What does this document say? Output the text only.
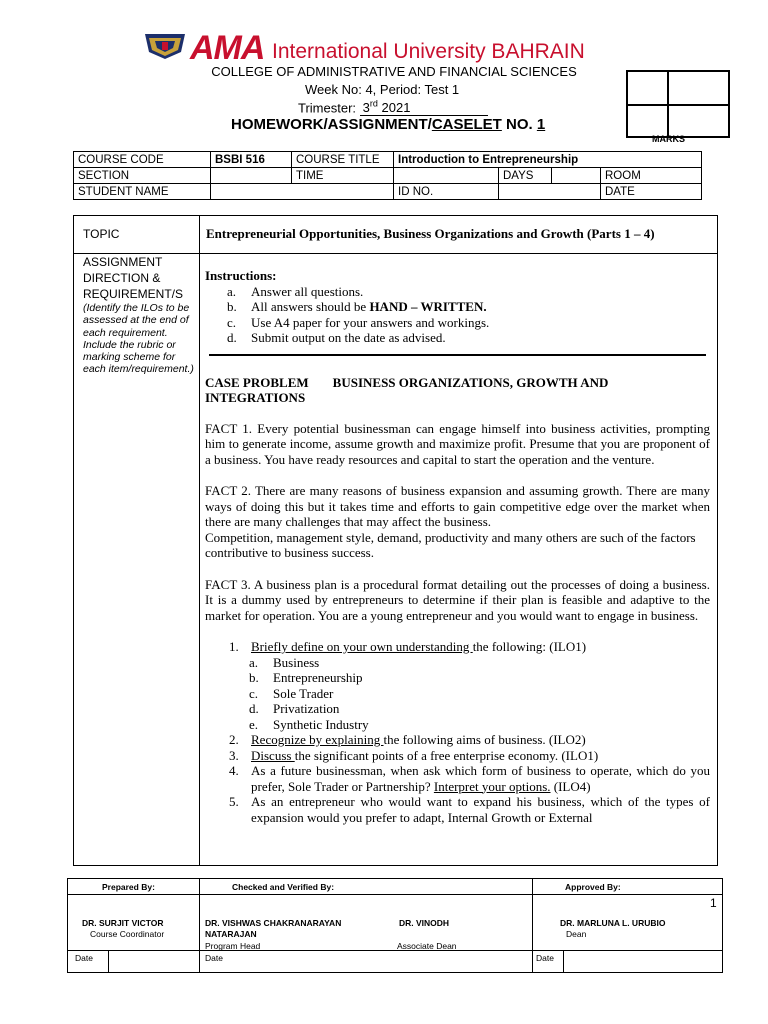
AMA International University BAHRAIN
COLLEGE OF ADMINISTRATIVE AND FINANCIAL SCIENCES
Week No: 4, Period: Test 1
Trimester: 3rd 2021
HOMEWORK/ASSIGNMENT/CASELET NO. 1
MARKS
COURSE CODE	BSBI 516	COURSE TITLE	Introduction to Entrepreneurship			
SECTION		TIME		DAYS		ROOM
STUDENT NAME			ID NO.			DATE
TOPIC	Entrepreneurial Opportunities, Business Organizations and Growth (Parts 1 – 4)
ASSIGNMENT DIRECTION & REQUIREMENT/S
(Identify the ILOs to be assessed at the end of each requirement. Include the rubric or marking scheme for each item/requirement.)
Instructions:
a. Answer all questions.
b. All answers should be HAND – WRITTEN.
c. Use A4 paper for your answers and workings.
d. Submit output on the date as advised.
CASE PROBLEM BUSINESS ORGANIZATIONS, GROWTH AND INTEGRATIONS
FACT 1. Every potential businessman can engage himself into business activities, prompting him to generate income, assume growth and maximize profit. Presume that you are proponent of a business. You have ready resources and capital to start the operation and the venture.
FACT 2. There are many reasons of business expansion and assuming growth. There are many ways of doing this but it takes time and efforts to gain competitive edge over the market when there are many challenges that may affect the business.
Competition, management style, demand, productivity and many others are such of the factors contributive to business success.
FACT 3. A business plan is a procedural format detailing out the processes of doing a business. It is a dummy used by entrepreneurs to determine if their plan is feasible and adaptive to the market for operation. You are a young entrepreneur and you would want to engage in business.
1. Briefly define on your own understanding the following: (ILO1)
a. Business
b. Entrepreneurship
c. Sole Trader
d. Privatization
e. Synthetic Industry
2. Recognize by explaining the following aims of business. (ILO2)
3. Discuss the significant points of a free enterprise economy. (ILO1)
4. As a future businessman, when ask which form of business to operate, which do you prefer, Sole Trader or Partnership? Interpret your options. (ILO4)
5. As an entrepreneur who would want to expand his business, which of the types of expansion would you prefer to adapt, Internal Growth or External
Prepared By:	Checked and Verified By:	Approved By:
DR. SURJIT VICTOR
Course Coordinator
DR. VISHWAS CHAKRANARAYAN
NATARAJAN
Program Head
DR. VINODH
Associate Dean
DR. MARLUNA L. URUBIO
Dean
Date	Date	Date
1
